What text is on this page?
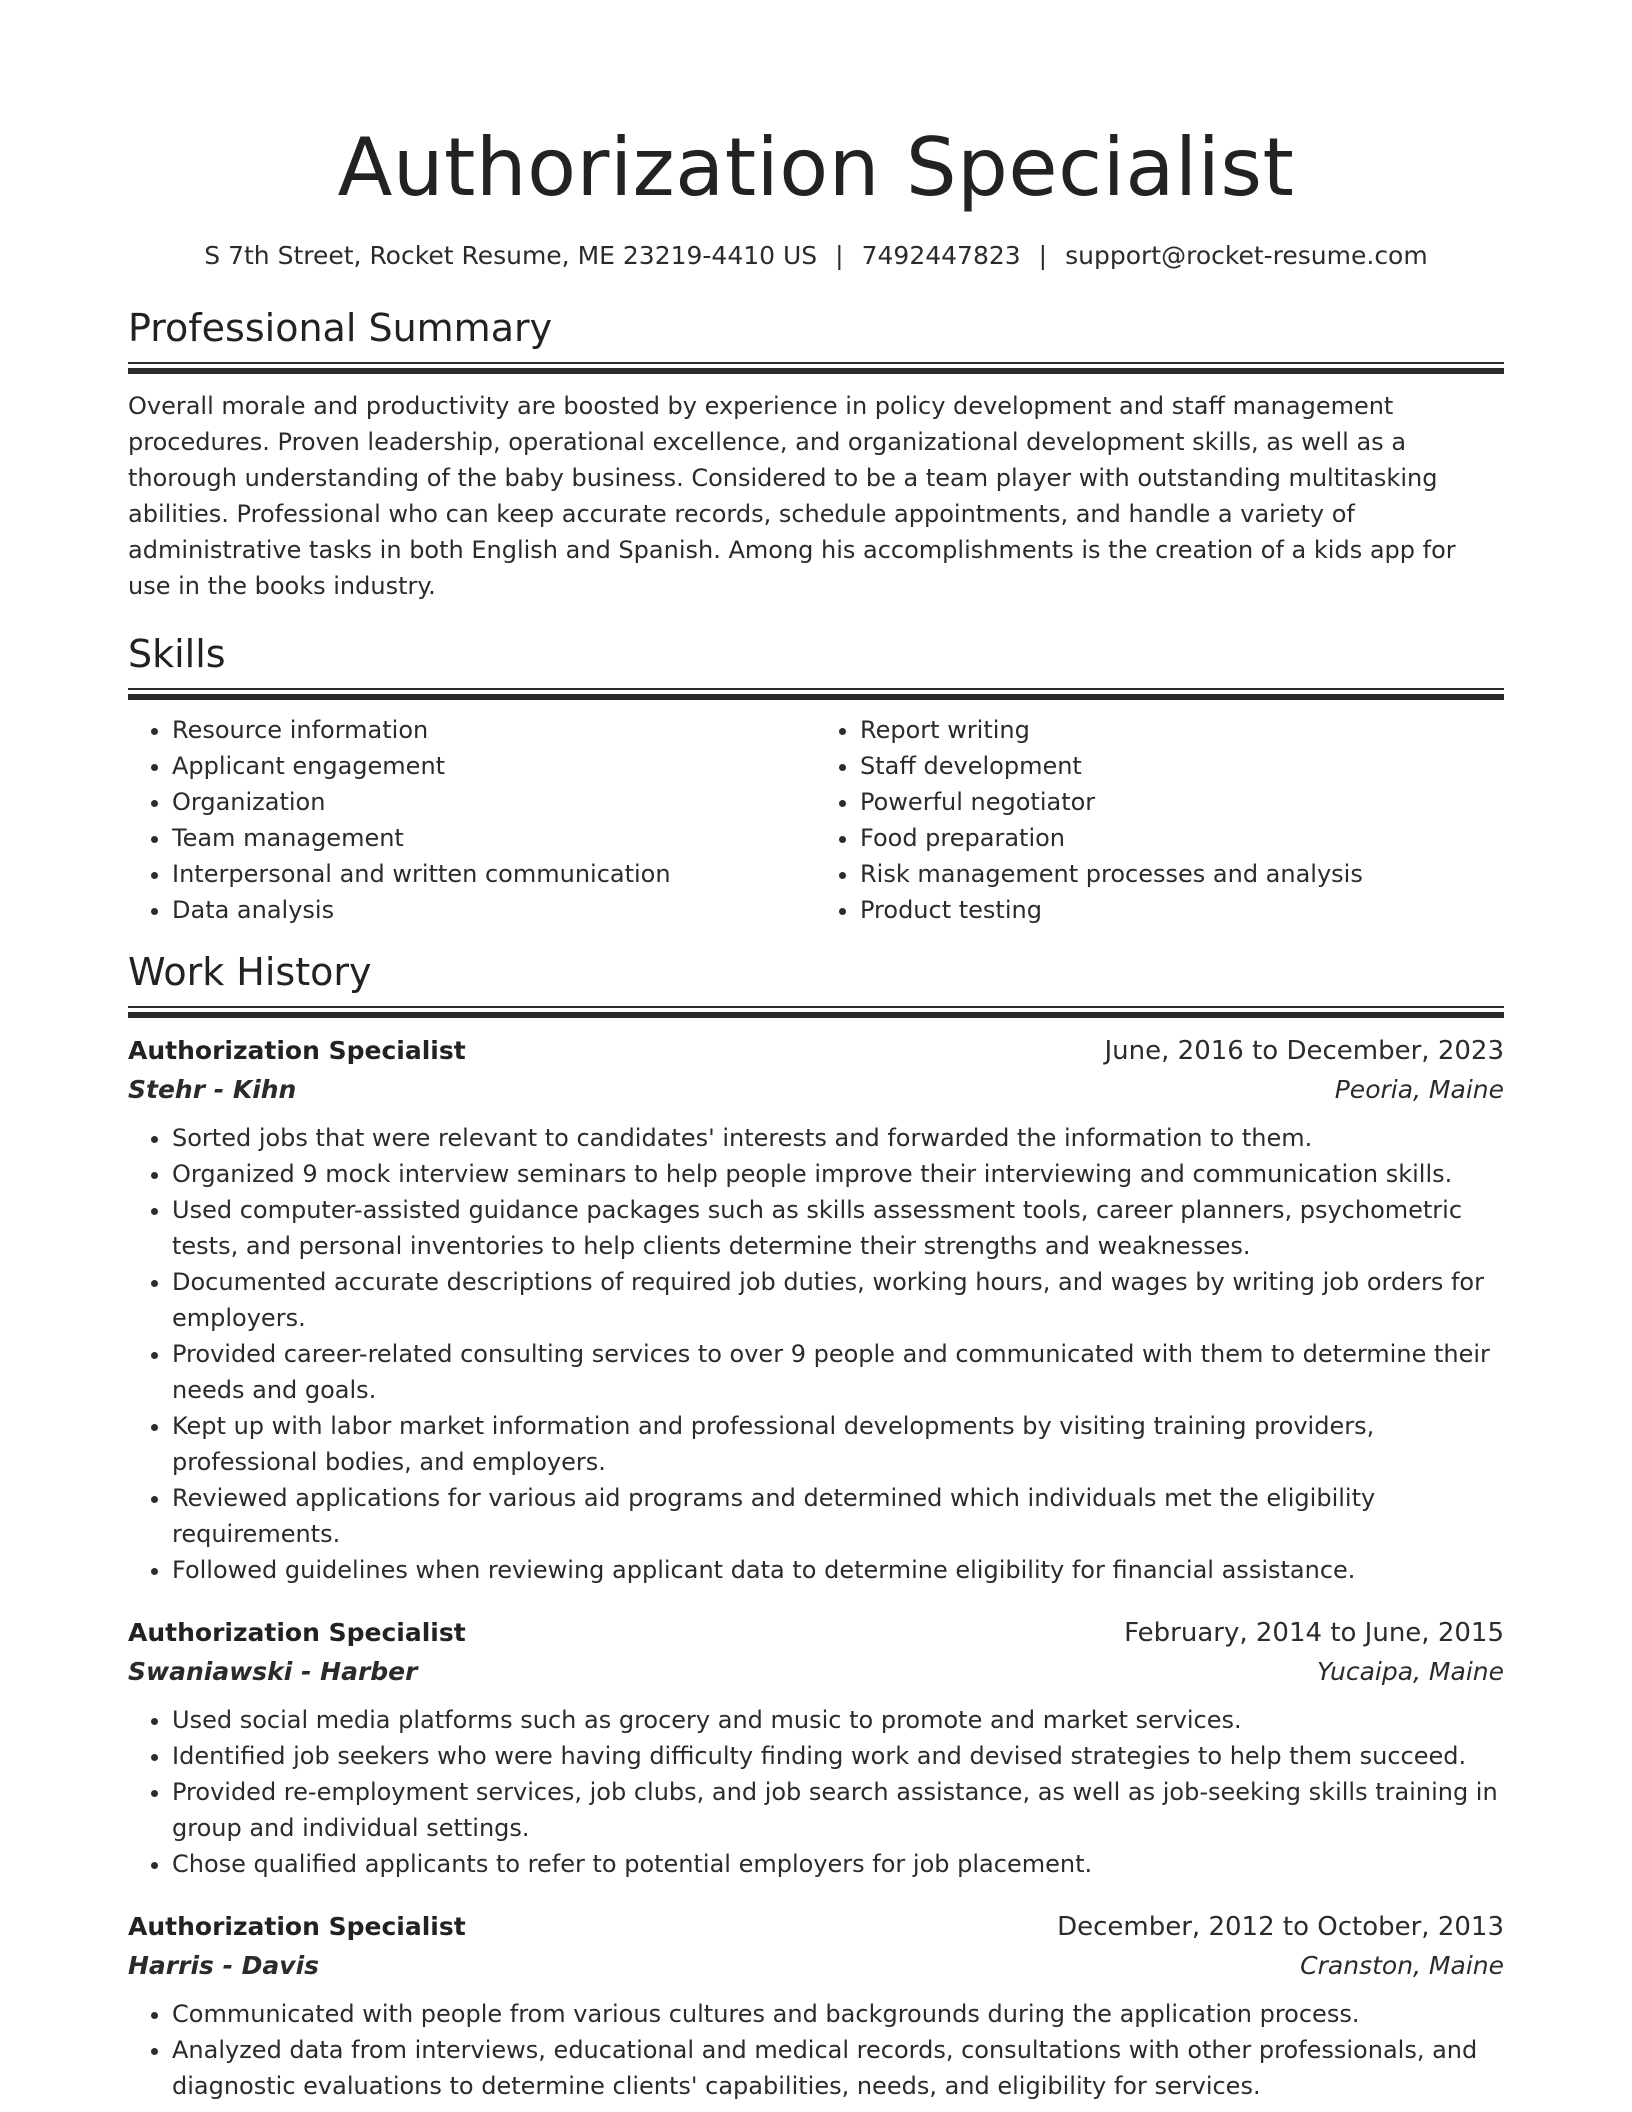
Authorization Specialist
S 7th Street, Rocket Resume, ME 23219-4410 US | 7492447823 | support@rocket-resume.com
Professional Summary

Overall morale and productivity are boosted by experience in policy development and staff management procedures. Proven leadership, operational excellence, and organizational development skills, as well as a thorough understanding of the baby business. Considered to be a team player with outstanding multitasking abilities. Professional who can keep accurate records, schedule appointments, and handle a variety of administrative tasks in both English and Spanish. Among his accomplishments is the creation of a kids app for use in the books industry.

Skills
• Resource information
• Applicant engagement
• Organization
• Team management
• Interpersonal and written communication
• Data analysis
• Report writing
• Staff development
• Powerful negotiator
• Food preparation
• Risk management processes and analysis
• Product testing
Work History
Authorization Specialist	June, 2016 to December, 2023
Stehr - Kihn	Peoria, Maine
• Sorted jobs that were relevant to candidates' interests and forwarded the information to them.
• Organized 9 mock interview seminars to help people improve their interviewing and communication skills.
• Used computer-assisted guidance packages such as skills assessment tools, career planners, psychometric tests, and personal inventories to help clients determine their strengths and weaknesses.
• Documented accurate descriptions of required job duties, working hours, and wages by writing job orders for employers.
• Provided career-related consulting services to over 9 people and communicated with them to determine their needs and goals.
• Kept up with labor market information and professional developments by visiting training providers, professional bodies, and employers.
• Reviewed applications for various aid programs and determined which individuals met the eligibility requirements.
• Followed guidelines when reviewing applicant data to determine eligibility for financial assistance.
Authorization Specialist	February, 2014 to June, 2015
Swaniawski - Harber	Yucaipa, Maine
• Used social media platforms such as grocery and music to promote and market services.
• Identified job seekers who were having difficulty finding work and devised strategies to help them succeed.
• Provided re-employment services, job clubs, and job search assistance, as well as job-seeking skills training in group and individual settings.
• Chose qualified applicants to refer to potential employers for job placement.
Authorization Specialist	December, 2012 to October, 2013
Harris - Davis	Cranston, Maine
• Communicated with people from various cultures and backgrounds during the application process.
• Analyzed data from interviews, educational and medical records, consultations with other professionals, and diagnostic evaluations to determine clients' capabilities, needs, and eligibility for services.
